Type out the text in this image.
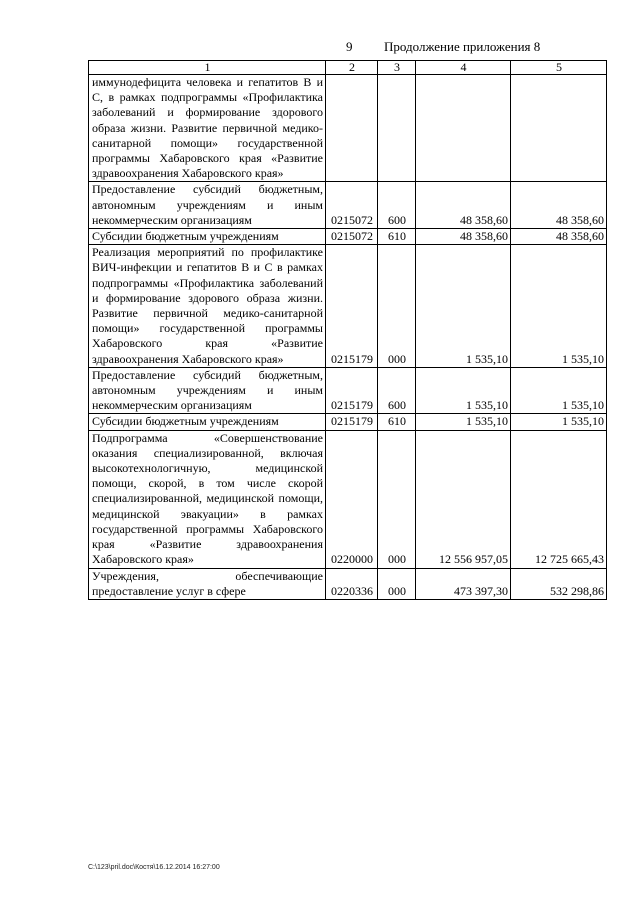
9 Продолжение приложения 8
1	2	3	4	5
иммунодефицита человека и гепатитов В и С, в рамках подпрограммы «Профилактика заболеваний и формирование здорового образа жизни. Развитие первичной медико-санитарной помощи» государственной программы Хабаровского края «Развитие здравоохранения Хабаровского края»				
Предоставление субсидий бюджетным, автономным учреждениям и иным некоммерческим организациям	0215072	600	48 358,60	48 358,60
Субсидии бюджетным учреждениям	0215072	610	48 358,60	48 358,60
Реализация мероприятий по профилактике ВИЧ-инфекции и гепатитов В и С в рамках подпрограммы «Профилактика заболеваний и формирование здорового образа жизни. Развитие первичной медико-санитарной помощи» государственной программы Хабаровского края «Развитие здравоохранения Хабаровского края»	0215179	000	1 535,10	1 535,10
Предоставление субсидий бюджетным, автономным учреждениям и иным некоммерческим организациям	0215179	600	1 535,10	1 535,10
Субсидии бюджетным учреждениям	0215179	610	1 535,10	1 535,10
Подпрограмма «Совершенствование оказания специализированной, включая высокотехнологичную, медицинской помощи, скорой, в том числе скорой специализированной, медицинской помощи, медицинской эвакуации» в рамках государственной программы Хабаровского края «Развитие здравоохранения Хабаровского края»	0220000	000	12 556 957,05	12 725 665,43
Учреждения, обеспечивающие предоставление услуг в сфере	0220336	000	473 397,30	532 298,86
C:\123\pril.doc\Костя\16.12.2014 16:27:00
